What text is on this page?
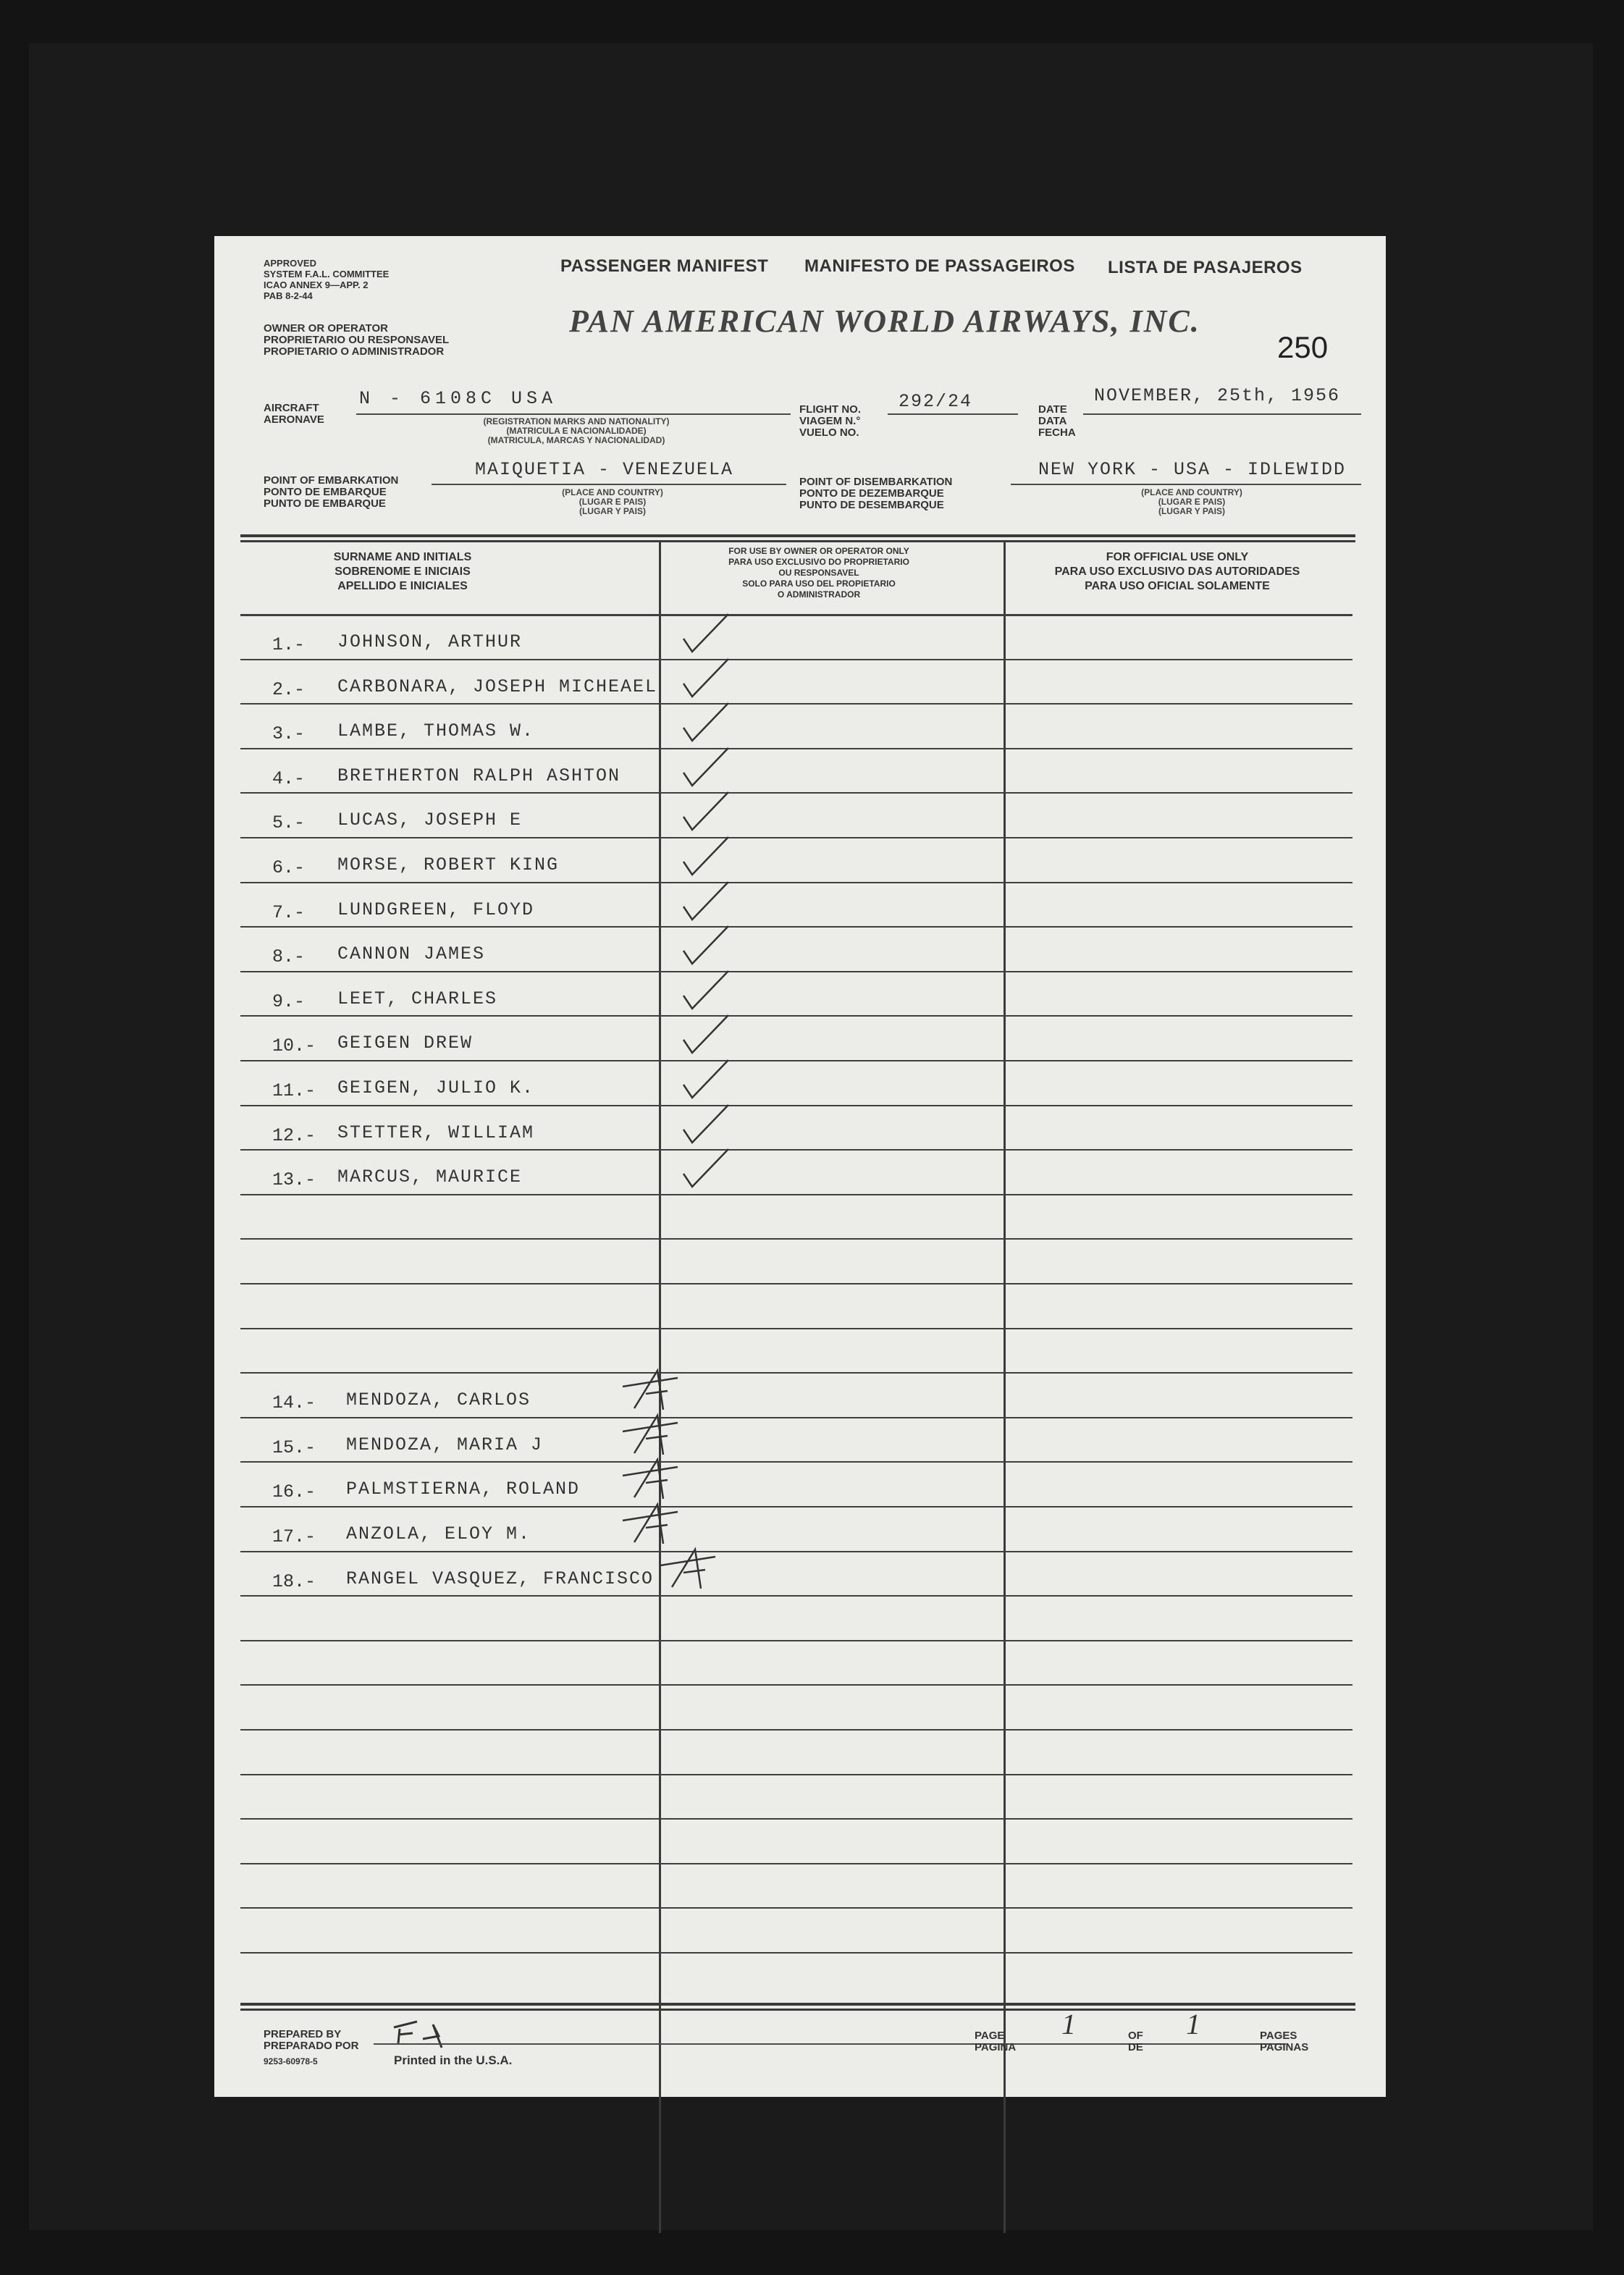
APPROVED
SYSTEM F.A.L. COMMITTEE
ICAO ANNEX 9—APP. 2
PAB 8-2-44
PASSENGER MANIFEST MANIFESTO DE PASSAGEIROS LISTA DE PASAJEROS
OWNER OR OPERATOR
PROPRIETARIO OU RESPONSAVEL
PROPIETARIO O ADMINISTRADOR
PAN AMERICAN WORLD AIRWAYS, INC.
250
AIRCRAFT
AERONAVE
N - 6108C USA
(REGISTRATION MARKS AND NATIONALITY)
(MATRICULA E NACIONALIDADE)
(MATRICULA, MARCAS Y NACIONALIDAD)
FLIGHT NO.
VIAGEM N.°
VUELO NO.
292/24	DATE
DATA
FECHA
NOVEMBER, 25th, 1956
POINT OF EMBARKATION
PONTO DE EMBARQUE
PUNTO DE EMBARQUE
MAIQUETIA - VENEZUELA
(PLACE AND COUNTRY)
(LUGAR E PAIS)
(LUGAR Y PAIS)
POINT OF DISEMBARKATION
PONTO DE DEZEMBARQUE
PUNTO DE DESEMBARQUE
NEW YORK - USA - IDLEWIDD
(PLACE AND COUNTRY)
(LUGAR E PAIS)
(LUGAR Y PAIS)
SURNAME AND INITIALS
SOBRENOME E INICIAIS
APELLIDO E INICIALES
FOR USE BY OWNER OR OPERATOR ONLY
PARA USO EXCLUSIVO DO PROPRIETARIO
OU RESPONSAVEL
SOLO PARA USO DEL PROPIETARIO
O ADMINISTRADOR
FOR OFFICIAL USE ONLY
PARA USO EXCLUSIVO DAS AUTORIDADES
PARA USO OFICIAL SOLAMENTE
1.- JOHNSON, ARTHUR
2.- CARBONARA, JOSEPH MICHEAEL
3.- LAMBE, THOMAS W.
4.- BRETHERTON RALPH ASHTON
5.- LUCAS, JOSEPH E
6.- MORSE, ROBERT KING
7.- LUNDGREEN, FLOYD
8.- CANNON JAMES
9.- LEET, CHARLES
10.- GEIGEN DREW
11.- GEIGEN, JULIO K.
12.- STETTER, WILLIAM
13.- MARCUS, MAURICE
14.- MENDOZA, CARLOS
15.- MENDOZA, MARIA J
16.- PALMSTIERNA, ROLAND
17.- ANZOLA, ELOY M.
18.- RANGEL VASQUEZ, FRANCISCO
PREPARED BY
PREPARADO POR
9253-60978-5	Printed in the U.S.A.
PAGE
PAGINA
1	OF
DE
1	PAGES
PAGINAS
